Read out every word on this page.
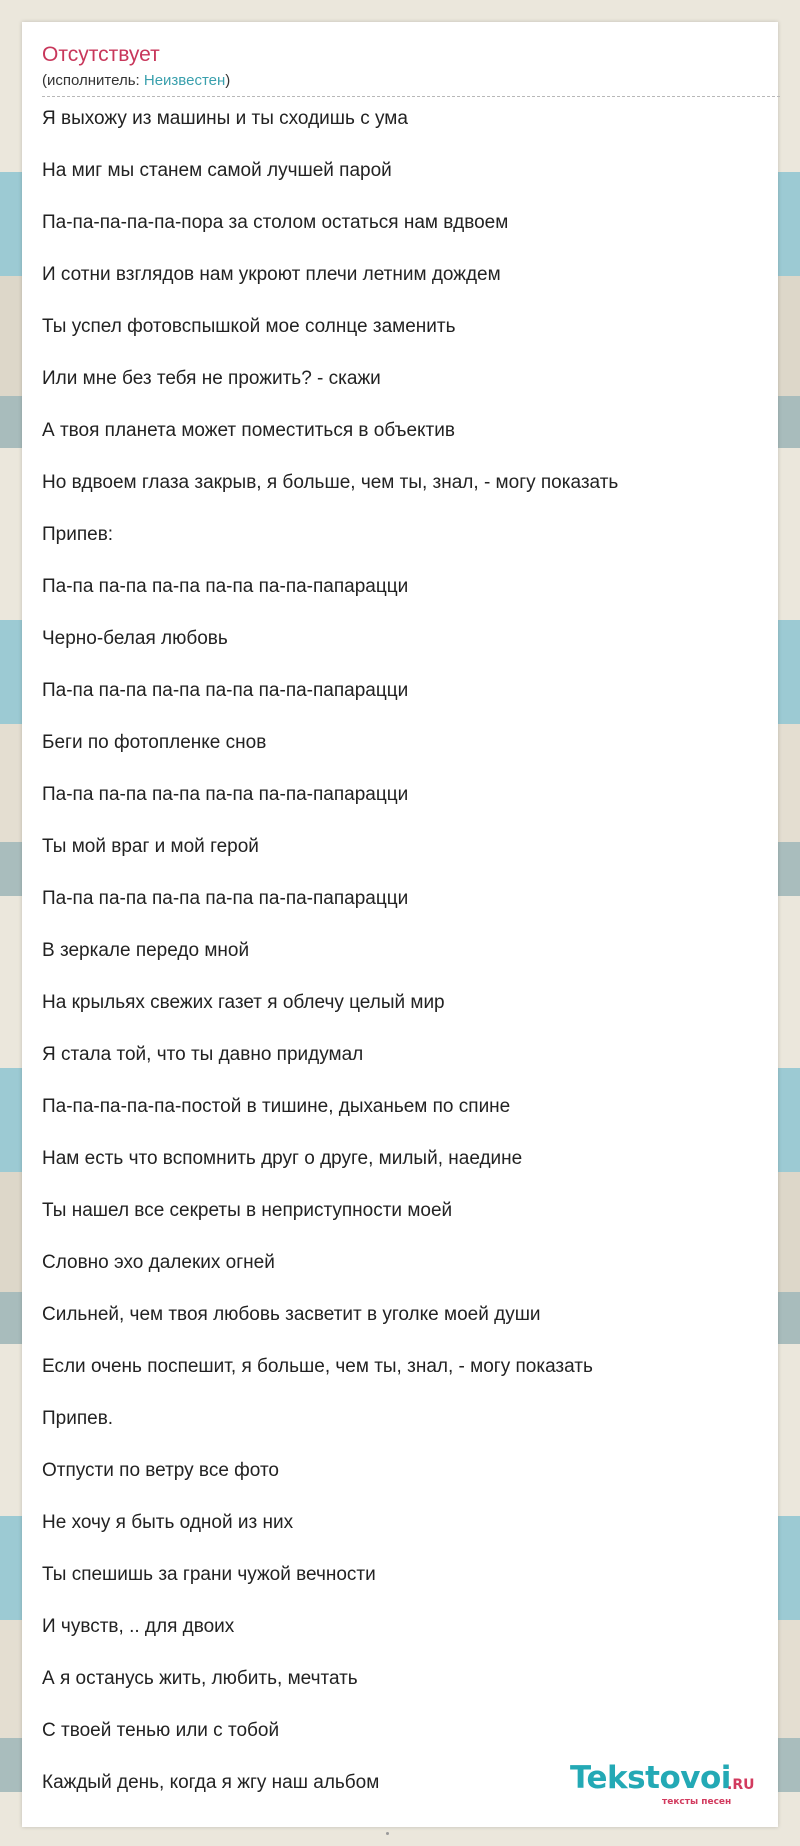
Отсутствует
(исполнитель: Неизвестен)
Я выхожу из машины и ты сходишь с ума
На миг мы станем самой лучшей парой
Па-па-па-па-па-пора за столом остаться нам вдвоем
И сотни взглядов нам укроют плечи летним дождем
Ты успел фотовспышкой мое солнце заменить
Или мне без тебя не прожить? - скажи
А твоя планета может поместиться в объектив
Но вдвоем глаза закрыв, я больше, чем ты, знал, - могу показать
Припев:
Па-па па-па па-па па-па па-па-папарацци
Черно-белая любовь
Па-па па-па па-па па-па па-па-папарацци
Беги по фотопленке снов
Па-па па-па па-па па-па па-па-папарацци
Ты мой враг и мой герой
Па-па па-па па-па па-па па-па-папарацци
В зеркале передо мной
На крыльях свежих газет я облечу целый мир
Я стала той, что ты давно придумал
Па-па-па-па-па-постой в тишине, дыханьем по спине
Нам есть что вспомнить друг о друге, милый, наедине
Ты нашел все секреты в неприступности моей
Словно эхо далеких огней
Сильней, чем твоя любовь засветит в уголке моей души
Если очень поспешит, я больше, чем ты, знал, - могу показать
Припев.
Отпусти по ветру все фото
Не хочу я быть одной из них
Ты спешишь за грани чужой вечности
И чувств, .. для двоих
А я останусь жить, любить, мечтать
С твоей тенью или с тобой
Каждый день, когда я жгу наш альбом	Tekstovoi
.RU
тексты песен
